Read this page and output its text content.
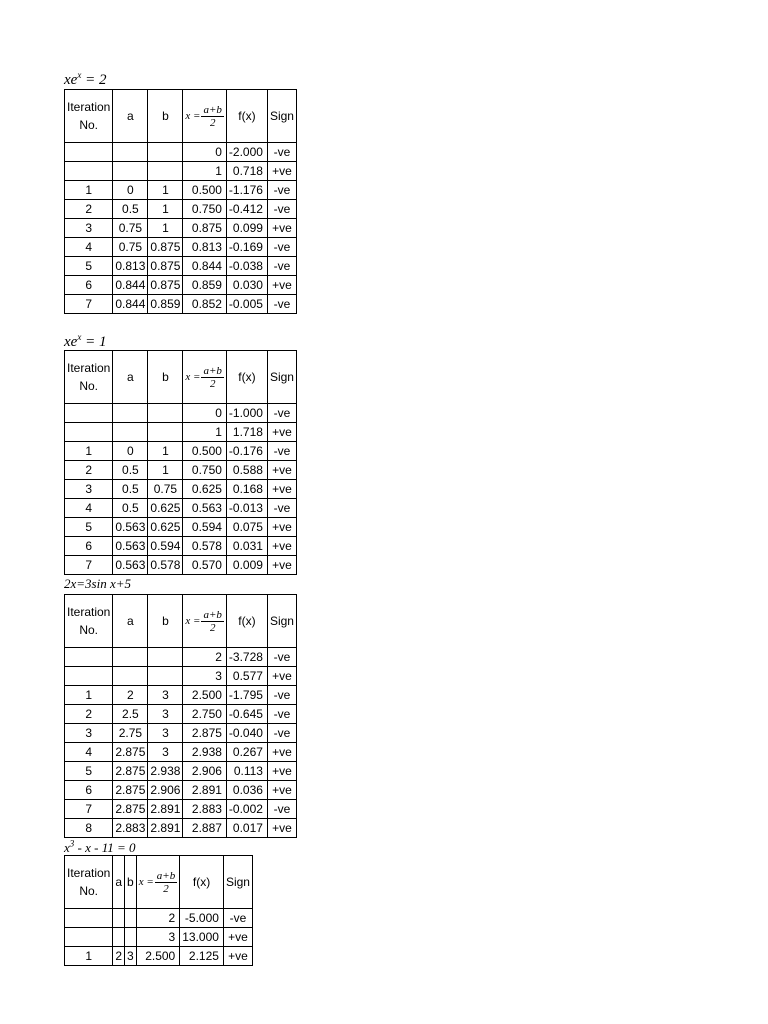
$xe^x = 2$
Iteration No.	a	b	$x = \frac{a+b}{2}$	f(x)	Sign
			0	-2.000	-ve
			1	0.718	+ve
1	0	1	0.500	-1.176	-ve
2	0.5	1	0.750	-0.412	-ve
3	0.75	1	0.875	0.099	+ve
4	0.75	0.875	0.813	-0.169	-ve
5	0.813	0.875	0.844	-0.038	-ve
6	0.844	0.875	0.859	0.030	+ve
7	0.844	0.859	0.852	-0.005	-ve
$xe^x = 1$
Iteration No.	a	b	$x = \frac{a+b}{2}$	f(x)	Sign
			0	-1.000	-ve
			1	1.718	+ve
1	0	1	0.500	-0.176	-ve
2	0.5	1	0.750	0.588	+ve
3	0.5	0.75	0.625	0.168	+ve
4	0.5	0.625	0.563	-0.013	-ve
5	0.563	0.625	0.594	0.075	+ve
6	0.563	0.594	0.578	0.031	+ve
7	0.563	0.578	0.570	0.009	+ve
2x=3sin x+5
Iteration No.	a	b	$x = \frac{a+b}{2}$	f(x)	Sign
			2	-3.728	-ve
			3	0.577	+ve
1	2	3	2.500	-1.795	-ve
2	2.5	3	2.750	-0.645	-ve
3	2.75	3	2.875	-0.040	-ve
4	2.875	3	2.938	0.267	+ve
5	2.875	2.938	2.906	0.113	+ve
6	2.875	2.906	2.891	0.036	+ve
7	2.875	2.891	2.883	-0.002	-ve
8	2.883	2.891	2.887	0.017	+ve
$x^3 - x - 11 = 0$
Iteration No.	a	b	$x = \frac{a+b}{2}$	f(x)	Sign
			2	-5.000	-ve
			3	13.000	+ve
1	2	3	2.500	2.125	+ve
